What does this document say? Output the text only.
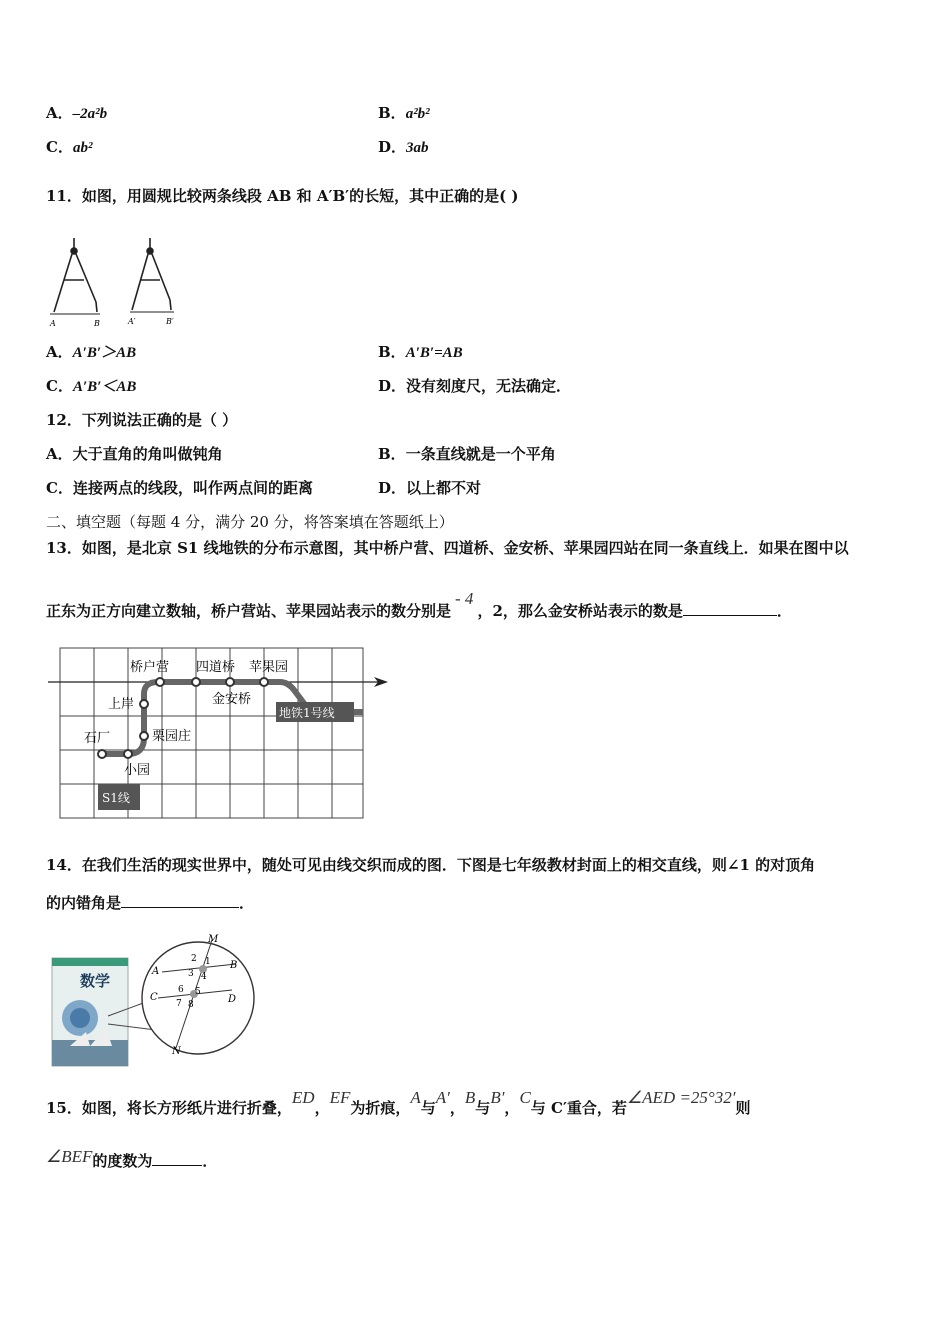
A．–2a²b	B．a²b²
C．ab²	D．3ab
11．如图，用圆规比较两条线段 AB 和 A′B′的长短，其中正确的是( )
A	B	A′	B′
A．A′B′＞AB	B．A′B′=AB
C．A′B′＜AB	D．没有刻度尺，无法确定．
12．下列说法正确的是（ ）
A．大于直角的角叫做钝角	B．一条直线就是一个平角
C．连接两点的线段，叫作两点间的距离	D．以上都不对
二、填空题（每题 4 分，满分 20 分，将答案填在答题纸上）
13．如图，是北京 S1 线地铁的分布示意图，其中桥户营、四道桥、金安桥、苹果园四站在同一条直线上．如果在图中以
正东为正方向建立数轴，桥户营站、苹果园站表示的数分别是- 4，2，那么金安桥站表示的数是	．
桥户营 四道桥 苹果园
上岸	金安桥
地铁1号线
石厂	栗园庄
小园
S1线
14．在我们生活的现实世界中，随处可见由线交织而成的图．下图是七年级教材封面上的相交直线，则∠1 的对顶角
的内错角是	．
数学
M
N
A
B
C	D
2 1
3 4
6 5
7 8
15．如图，将长方形纸片进行折叠，ED，EF为折痕，A与A′，B与B′，C与 C′重合，若∠AED =25°32′则
∠BEF的度数为	．
